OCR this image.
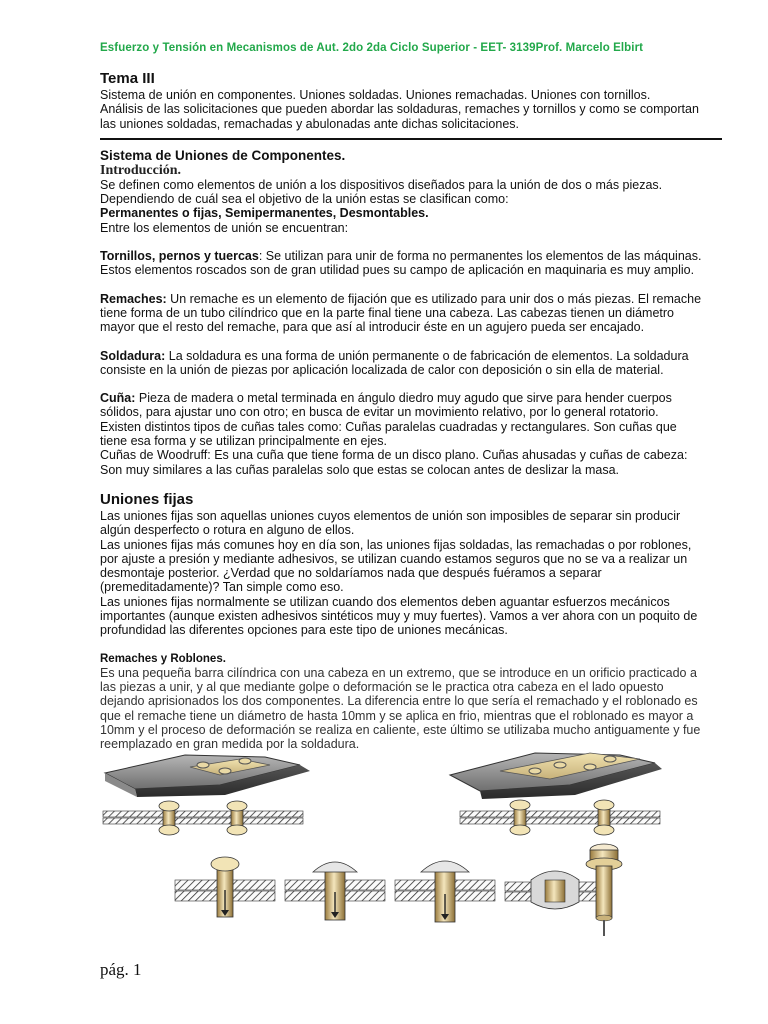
Esfuerzo y Tensión en Mecanismos de Aut. 2do 2da Ciclo Superior - EET- 3139Prof. Marcelo Elbirt
Tema III

Sistema de unión en componentes. Uniones soldadas. Uniones remachadas. Uniones con tornillos.

Análisis de las solicitaciones que pueden abordar las soldaduras, remaches y tornillos y como se comportan

las uniones soldadas, remachadas y abulonadas ante dichas solicitaciones.

Sistema de Uniones de Componentes.
Introducción.

Se definen como elementos de unión a los dispositivos diseñados para la unión de dos o más piezas.

Dependiendo de cuál sea el objetivo de la unión estas se clasifican como:

Permanentes o fijas, Semipermanentes, Desmontables.

Entre los elementos de unión se encuentran:

Tornillos, pernos y tuercas: Se utilizan para unir de forma no permanentes los elementos de las máquinas.

Estos elementos roscados son de gran utilidad pues su campo de aplicación en maquinaria es muy amplio.

Remaches: Un remache es un elemento de fijación que es utilizado para unir dos o más piezas. El remache

tiene forma de un tubo cilíndrico que en la parte final tiene una cabeza. Las cabezas tienen un diámetro

mayor que el resto del remache, para que así al introducir éste en un agujero pueda ser encajado.

Soldadura: La soldadura es una forma de unión permanente o de fabricación de elementos. La soldadura

consiste en la unión de piezas por aplicación localizada de calor con deposición o sin ella de material.

Cuña: Pieza de madera o metal terminada en ángulo diedro muy agudo que sirve para hender cuerpos

sólidos, para ajustar uno con otro; en busca de evitar un movimiento relativo, por lo general rotatorio.

Existen distintos tipos de cuñas tales como: Cuñas paralelas cuadradas y rectangulares. Son cuñas que

tiene esa forma y se utilizan principalmente en ejes.

Cuñas de Woodruff: Es una cuña que tiene forma de un disco plano. Cuñas ahusadas y cuñas de cabeza:

Son muy similares a las cuñas paralelas solo que estas se colocan antes de deslizar la masa.

Uniones fijas

Las uniones fijas son aquellas uniones cuyos elementos de unión son imposibles de separar sin producir

algún desperfecto o rotura en alguno de ellos.

Las uniones fijas más comunes hoy en día son, las uniones fijas soldadas, las remachadas o por roblones,

por ajuste a presión y mediante adhesivos, se utilizan cuando estamos seguros que no se va a realizar un

desmontaje posterior. ¿Verdad que no soldaríamos nada que después fuéramos a separar

(premeditadamente)? Tan simple como eso.

Las uniones fijas normalmente se utilizan cuando dos elementos deben aguantar esfuerzos mecánicos

importantes (aunque existen adhesivos sintéticos muy y muy fuertes). Vamos a ver ahora con un poquito de

profundidad las diferentes opciones para este tipo de uniones mecánicas.

Remaches y Roblones.

Es una pequeña barra cilíndrica con una cabeza en un extremo, que se introduce en un orificio practicado a

las piezas a unir, y al que mediante golpe o deformación se le practica otra cabeza en el lado opuesto

dejando aprisionados los dos componentes. La diferencia entre lo que sería el remachado y el roblonado es

que el remache tiene un diámetro de hasta 10mm y se aplica en frio, mientras que el roblonado es mayor a

10mm y el proceso de deformación se realiza en caliente, este último se utilizaba mucho antiguamente y fue

reemplazado en gran medida por la soldadura.

pág. 1
